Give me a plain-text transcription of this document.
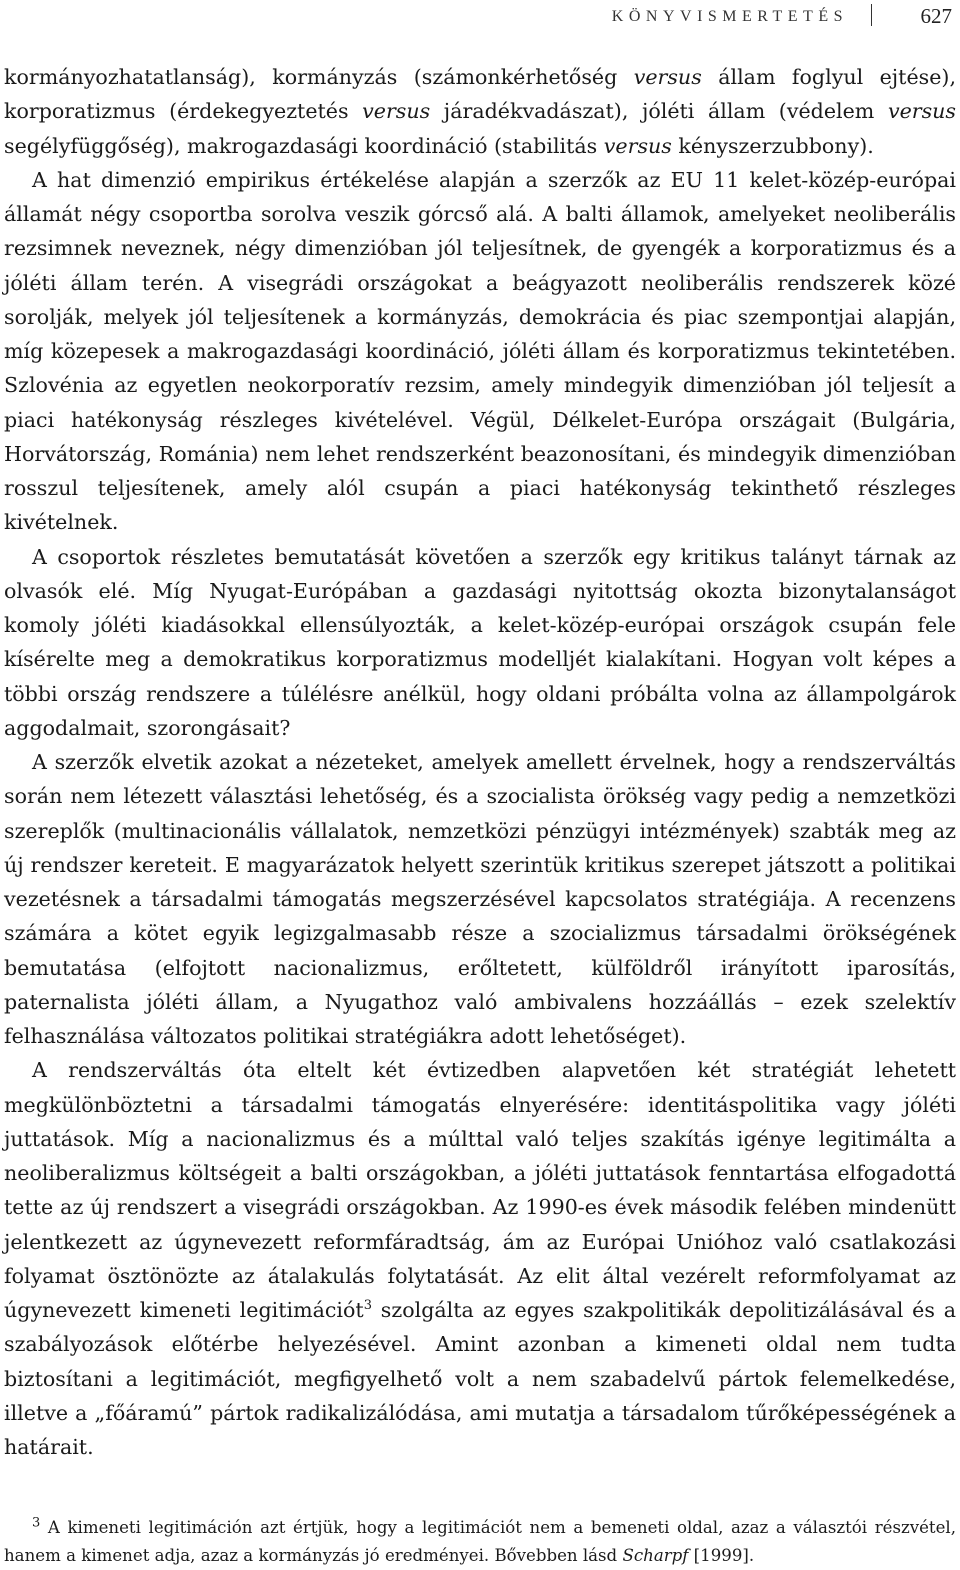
KÖNYVISMERTETÉS	627

kormányozhatatlanság), kormányzás (számonkérhetőség versus állam foglyul ejtése), korporatizmus (érdekegyeztetés versus járadékvadászat), jóléti állam (védelem versus segélyfüggőség), makrogazdasági koordináció (stabilitás versus kényszerzubbony).

A hat dimenzió empirikus értékelése alapján a szerzők az EU 11 kelet-közép-európai államát négy csoportba sorolva veszik górcső alá. A balti államok, amelyeket neoliberális rezsimnek neveznek, négy dimenzióban jól teljesítnek, de gyengék a korporatizmus és a jóléti állam terén. A visegrádi országokat a beágyazott neoliberális rendszerek közé sorolják, melyek jól teljesítenek a kormányzás, demokrácia és piac szempontjai alapján, míg közepesek a makrogazdasági koordináció, jóléti állam és korporatizmus tekintetében. Szlovénia az egyetlen neokorporatív rezsim, amely mindegyik dimenzióban jól teljesít a piaci hatékonyság részleges kivételével. Végül, Délkelet-Európa országait (Bulgária, Horvátország, Románia) nem lehet rendszerként beazonosítani, és mindegyik dimenzióban rosszul teljesítenek, amely alól csupán a piaci hatékonyság tekinthető részleges kivételnek.

A csoportok részletes bemutatását követően a szerzők egy kritikus talányt tárnak az olvasók elé. Míg Nyugat-Európában a gazdasági nyitottság okozta bizonytalanságot komoly jóléti kiadásokkal ellensúlyozták, a kelet-közép-európai országok csupán fele kísérelte meg a demokratikus korporatizmus modelljét kialakítani. Hogyan volt képes a többi ország rendszere a túlélésre anélkül, hogy oldani próbálta volna az állampolgárok aggodalmait, szorongásait?

A szerzők elvetik azokat a nézeteket, amelyek amellett érvelnek, hogy a rendszerváltás során nem létezett választási lehetőség, és a szocialista örökség vagy pedig a nemzetközi szereplők (multinacionális vállalatok, nemzetközi pénzügyi intézmények) szabták meg az új rendszer kereteit. E magyarázatok helyett szerintük kritikus szerepet játszott a politikai vezetésnek a társadalmi támogatás megszerzésével kapcsolatos stratégiája. A recenzens számára a kötet egyik legizgalmasabb része a szocializmus társadalmi örökségének bemutatása (elfojtott nacionalizmus, erőltetett, külföldről irányított iparosítás, paternalista jóléti állam, a Nyugathoz való ambivalens hozzáállás – ezek szelektív felhasználása változatos politikai stratégiákra adott lehetőséget).

A rendszerváltás óta eltelt két évtizedben alapvetően két stratégiát lehetett megkülönböztetni a társadalmi támogatás elnyerésére: identitáspolitika vagy jóléti juttatások. Míg a nacionalizmus és a múlttal való teljes szakítás igénye legitimálta a neoliberalizmus költségeit a balti országokban, a jóléti juttatások fenntartása elfogadottá tette az új rendszert a visegrádi országokban. Az 1990-es évek második felében mindenütt jelentkezett az úgynevezett reformfáradtság, ám az Európai Unióhoz való csatlakozási folyamat ösztönözte az átalakulás folytatását. Az elit által vezérelt reformfolyamat az úgynevezett kimeneti legitimációt$^3$ szolgálta az egyes szakpolitikák depolitizálásával és a szabályozások előtérbe helyezésével. Amint azonban a kimeneti oldal nem tudta biztosítani a legitimációt, megfigyelhető volt a nem szabadelvű pártok felemelkedése, illetve a „főáramú” pártok radikalizálódása, ami mutatja a társadalom tűrőképességének a határait.

$^3$ A kimeneti legitimáción azt értjük, hogy a legitimációt nem a bemeneti oldal, azaz a választói részvétel, hanem a kimenet adja, azaz a kormányzás jó eredményei. Bővebben lásd Scharpf [1999].
